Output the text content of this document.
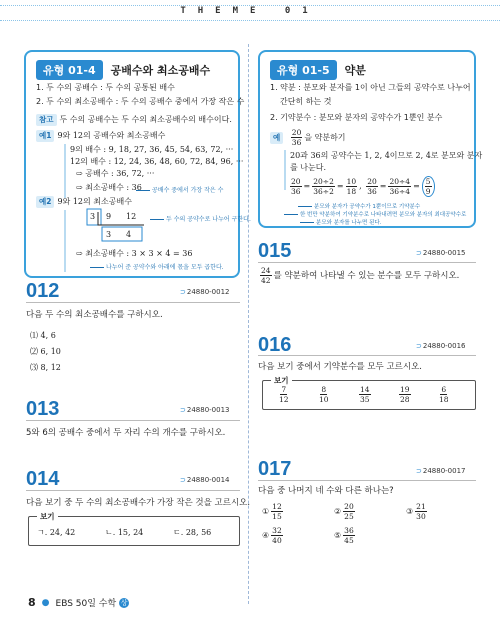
THEME 01
유형 01-4	공배수와 최소공배수
1. 두 수의 공배수 : 두 수의 공통된 배수
2. 두 수의 최소공배수 : 두 수의 공배수 중에서 가장 작은 수
참고 두 수의 공배수는 두 수의 최소공배수의 배수이다.
예1 9와 12의 공배수와 최소공배수
9의 배수 : 9, 18, 27, 36, 45, 54, 63, 72, ···
12의 배수 : 12, 24, 36, 48, 60, 72, 84, 96, ···
⇨ 공배수 : 36, 72, ···
⇨ 최소공배수 : 36	공배수 중에서 가장 작은 수
예2 9와 12의 최소공배수
3 9 12
3 4
두 수의 공약수로 나누어 구한다.
⇨ 최소공배수 : 3 × 3 × 4 = 36
나누어 준 공약수와 아래에 몫을 모두 곱한다.
유형 01-5	약분
1. 약분 : 분모와 분자를 1이 아닌 그들의 공약수로 나누어
간단히 하는 것
2. 기약분수 : 분모와 분자의 공약수가 1뿐인 분수
예 $\frac{20}{36}$ 을 약분하기
20과 36의 공약수는 1, 2, 4이므로 2, 4로 분모와 분자
를 나눈다.
$\frac{20}{36} = \frac{20\div 2}{36\div 2} = \frac{10}{18}$ , $\frac{20}{36} = \frac{20\div 4}{36\div 4} = \frac{5}{9}$
분모와 분자가 공약수가 1뿐이므로 기약분수
한 번만 약분하여 기약분수로 나타내려면 분모와 분자의 최대공약수로
분모와 분자를 나누면 된다.
012	⊃ 24880-0012
다음 두 수의 최소공배수를 구하시오.
⑴ 4, 6
⑵ 6, 10
⑶ 8, 12
013	⊃ 24880-0013
5와 6의 공배수 중에서 두 자리 수의 개수를 구하시오.
014	⊃ 24880-0014
다음 보기 중 두 수의 최소공배수가 가장 작은 것을 고르시오.
보기
ㄱ. 24, 42	ㄴ. 15, 24	ㄷ. 28, 56
015	⊃ 24880-0015
$\frac{24}{42}$ 를 약분하여 나타낼 수 있는 분수를 모두 구하시오.
016	⊃ 24880-0016
다음 보기 중에서 기약분수를 모두 고르시오.
보기
$\frac{7}{12}$	$\frac{8}{10}$	$\frac{14}{35}$	$\frac{19}{28}$	$\frac{6}{18}$
017	⊃ 24880-0017
다음 중 나머지 네 수와 다른 하나는?
① $\frac{12}{15}$	② $\frac{20}{25}$	③ $\frac{21}{30}$
④ $\frac{32}{40}$	⑤ $\frac{36}{45}$
8 ● EBS 50일 수학 상
